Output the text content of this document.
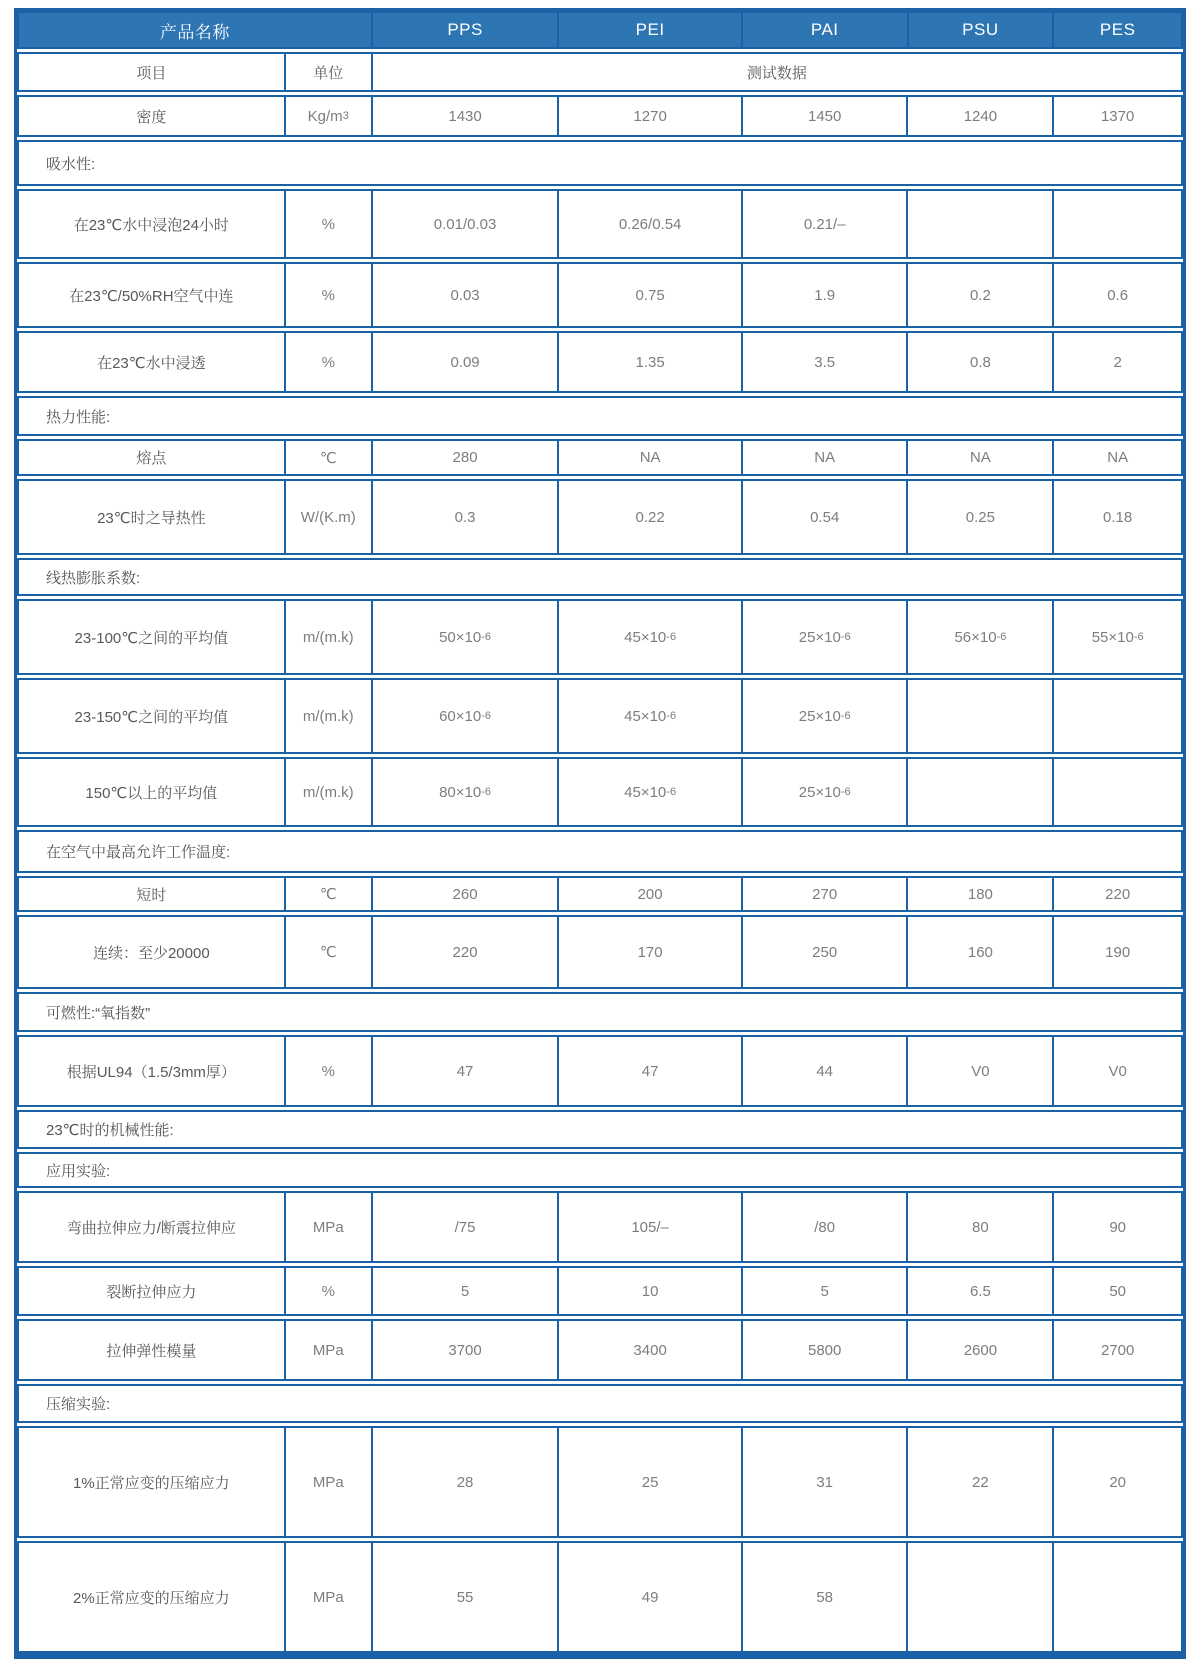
产品名称	PPS	PEI	PAI	PSU	PES
项目	单位	测试数据
密度	Kg/m 3	1430	1270	1450	1240	1370
吸水性:
在23℃水中浸泡24小时	%	0.01/0.03	0.26/0.54	0.21/–
在23℃/50%RH空气中连	%	0.03	0.75	1.9	0.2	0.6
在23℃水中浸透	%	0.09	1.35	3.5	0.8	2
热力性能:
熔点	℃	280	NA	NA	NA	NA
23℃时之导热性	W/(K.m)	0.3	0.22	0.54	0.25	0.18
线热膨胀系数:
23-100℃之间的平均值	m/(m.k)	50×10 -6	45×10 -6	25×10 -6	56×10 -6	55×10 -6
23-150℃之间的平均值	m/(m.k)	60×10 -6	45×10 -6	25×10 -6
150℃以上的平均值	m/(m.k)	80×10 -6	45×10 -6	25×10 -6
在空气中最高允许工作温度:
短时	℃	260	200	270	180	220
连续：至少20000	℃	220	170	250	160	190
可燃性:“氧指数”
根据UL94（1.5/3mm厚）	%	47	47	44	V0	V0
23℃时的机械性能:
应用实验:
弯曲拉伸应力/断震拉伸应	MPa	/75	105/–	/80	80	90
裂断拉伸应力	%	5	10	5	6.5	50
拉伸弹性模量	MPa	3700	3400	5800	2600	2700
压缩实验:
1%正常应变的压缩应力	MPa	28	25	31	22	20
2%正常应变的压缩应力	MPa	55	49	58
